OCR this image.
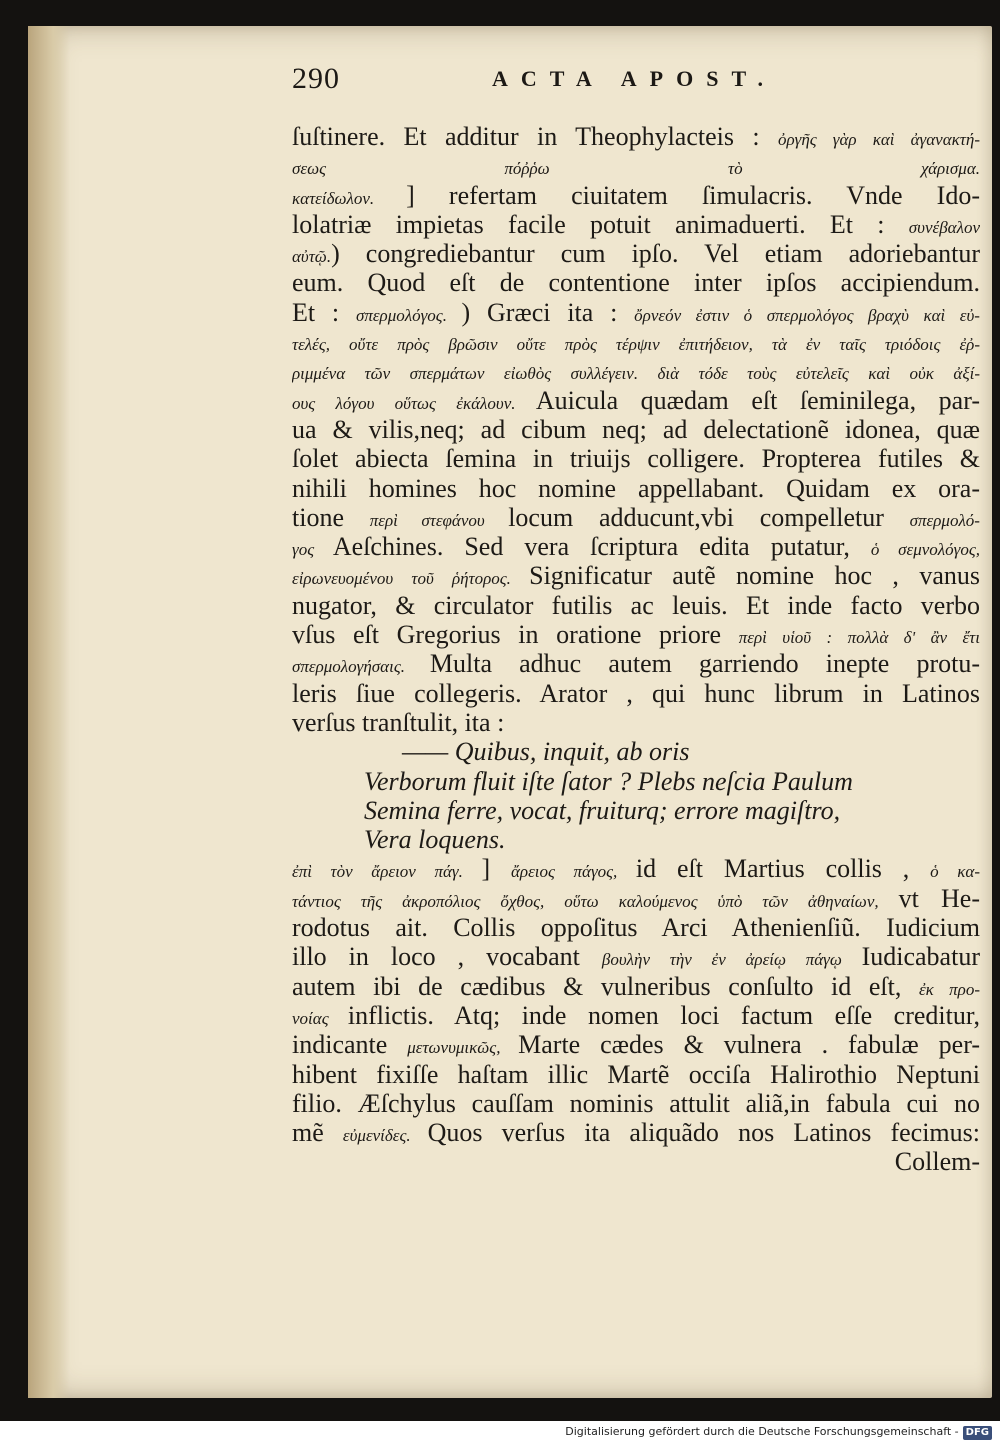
290	ACTA APOST.
ſuſtinere. Et additur in Theophylacteis : ὀργῆς γὰρ καὶ ἀγανακτή-
σεως πόῤῥω τὸ χάρισμα.
κατείδωλον. ] refertam ciuitatem ſimulacris. Vnde Ido-
lolatriæ impietas facile potuit animaduerti. Et : συνέβαλον
αὐτῷ.) congrediebantur cum ipſo. Vel etiam adoriebantur
eum. Quod eſt de contentione inter ipſos accipiendum.
Et : σπερμολόγος. ) Græci ita : ὄρνεόν ἐστιν ὁ σπερμολόγος βραχὺ καὶ εὐ-
τελές, οὔτε πρὸς βρῶσιν οὔτε πρὸς τέρψιν ἐπιτήδειον, τὰ ἐν ταῖς τριόδοις ἐῤ-
ριμμένα τῶν σπερμάτων εἰωθὸς συλλέγειν. διὰ τόδε τοὺς εὐτελεῖς καὶ οὐκ ἀξί-
ους λόγου οὕτως ἐκάλουν. Auicula quædam eſt ſeminilega, par-
ua & vilis,neq; ad cibum neq; ad delectationẽ idonea, quæ
ſolet abiecta ſemina in triuijs colligere. Propterea futiles &
nihili homines hoc nomine appellabant. Quidam ex ora-
tione περὶ στεφάνου locum adducunt,vbi compelletur σπερμολό-
γος Aeſchines. Sed vera ſcriptura edita putatur, ὁ σεμνολόγος,
εἰρωνευομένου τοῦ ῥήτορος. Significatur autẽ nomine hoc , vanus
nugator, & circulator futilis ac leuis. Et inde facto verbo
vſus eſt Gregorius in oratione priore περὶ υἱοῦ : πολλὰ δ' ἂν ἔτι
σπερμολογήσαις. Multa adhuc autem garriendo inepte protu-
leris ſiue collegeris. Arator , qui hunc librum in Latinos
verſus tranſtulit, ita :
—— Quibus, inquit, ab oris
Verborum fluit iſte ſator ? Plebs neſcia Paulum
Semina ferre, vocat, fruiturq; errore magiſtro,
Vera loquens.
ἐπὶ τὸν ἄρειον πάγ. ] ἄρειος πάγος, id eſt Martius collis , ὁ κα-
τάντιος τῆς ἀκροπόλιος ὄχθος, οὕτω καλούμενος ὑπὸ τῶν ἀθηναίων, vt He-
rodotus ait. Collis oppoſitus Arci Athenienſiũ. Iudicium
illo in loco , vocabant βουλὴν τὴν ἐν ἀρείῳ πάγῳ Iudicabatur
autem ibi de cædibus & vulneribus conſulto id eſt, ἐκ προ-
νοίας inflictis. Atq; inde nomen loci factum eſſe creditur,
indicante μετωνυμικῶς, Marte cædes & vulnera . fabulæ per-
hibent fixiſſe haſtam illic Martẽ occiſa Halirothio Neptuni
filio. Æſchylus cauſſam nominis attulit aliã,in fabula cui no
mẽ εὐμενίδες. Quos verſus ita aliquãdo nos Latinos fecimus:
Collem-
Digitalisierung gefördert durch die Deutsche Forschungsgemeinschaft - DFG
